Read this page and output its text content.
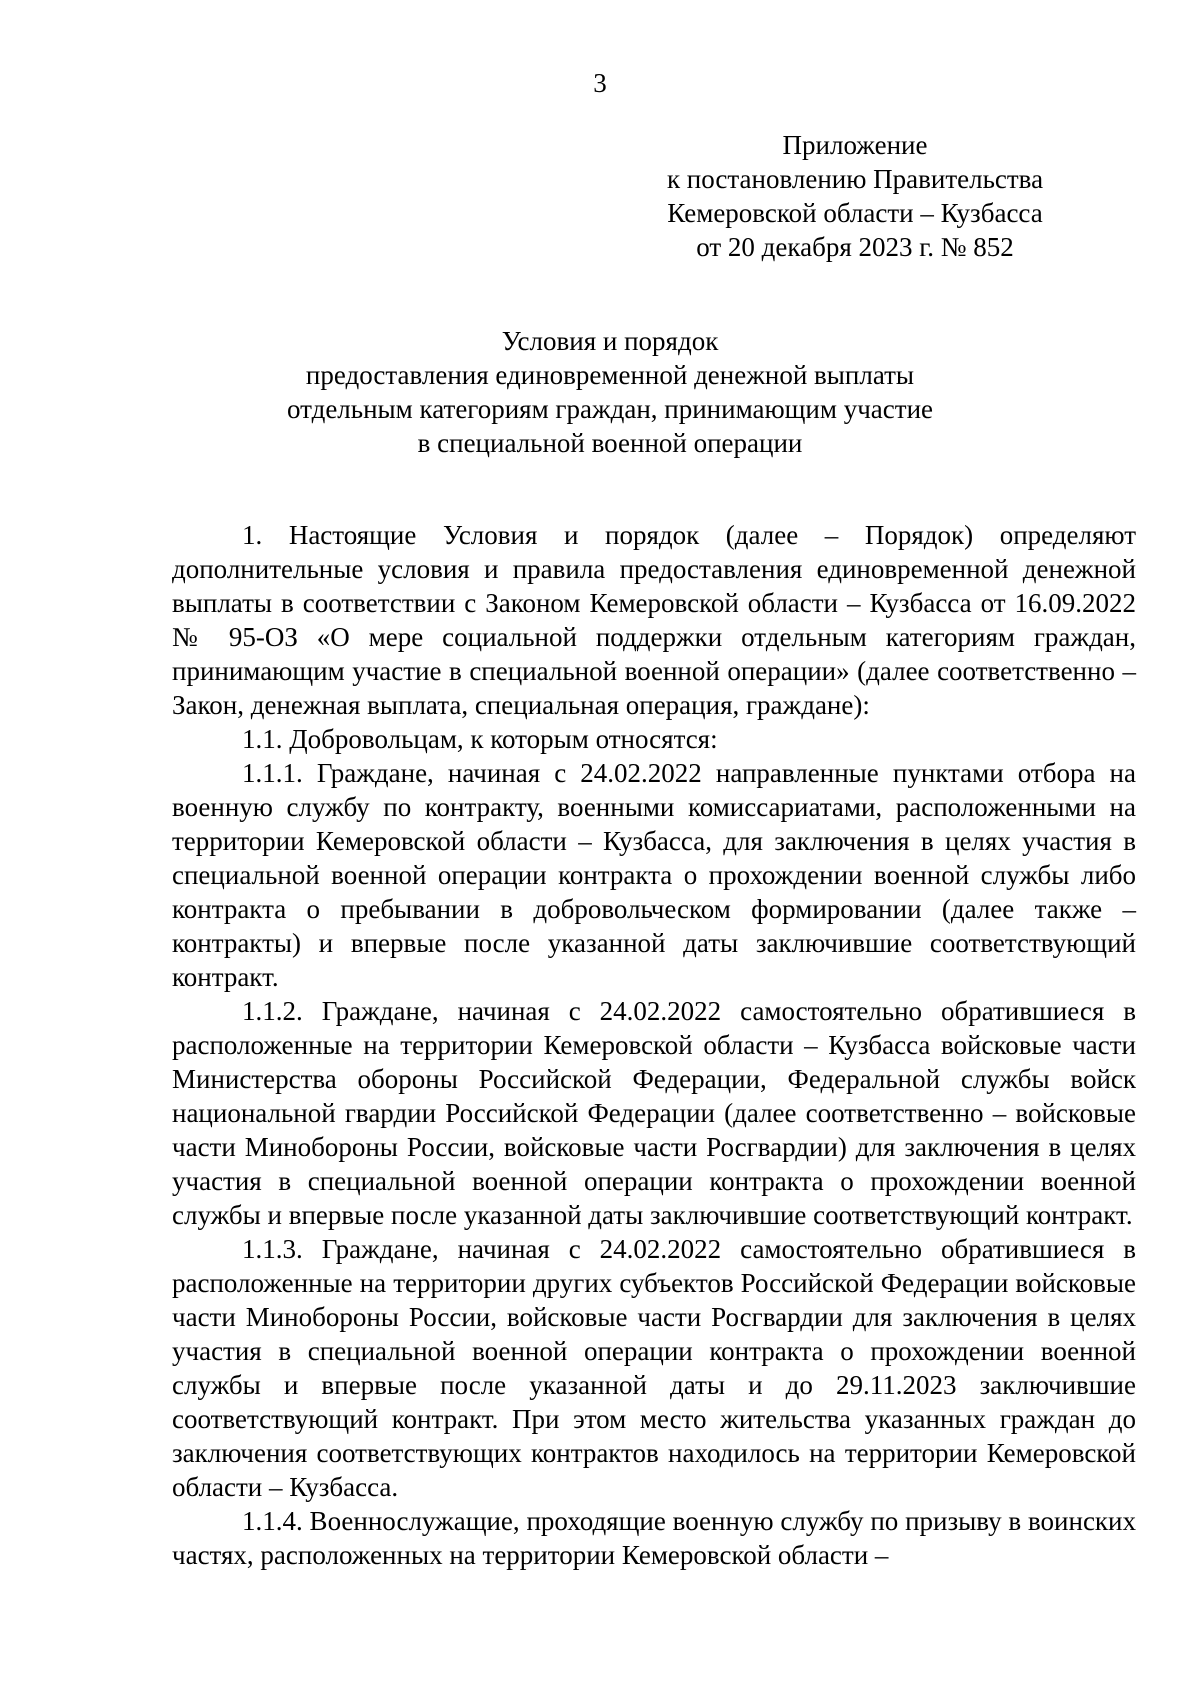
3
Приложение
к постановлению Правительства
Кемеровской области – Кузбасса
от 20 декабря 2023 г. № 852
Условия и порядок
предоставления единовременной денежной выплаты
отдельным категориям граждан, принимающим участие
в специальной военной операции

1. Настоящие Условия и порядок (далее – Порядок) определяют дополнительные условия и правила предоставления единовременной денежной выплаты в соответствии с Законом Кемеровской области – Кузбасса от 16.09.2022 № 95-ОЗ «О мере социальной поддержки отдельным категориям граждан, принимающим участие в специальной военной операции» (далее соответственно – Закон, денежная выплата, специальная операция, граждане):

1.1. Добровольцам, к которым относятся:

1.1.1. Граждане, начиная с 24.02.2022 направленные пунктами отбора на военную службу по контракту, военными комиссариатами, расположенными на территории Кемеровской области – Кузбасса, для заключения в целях участия в специальной военной операции контракта о прохождении военной службы либо контракта о пребывании в добровольческом формировании (далее также – контракты) и впервые после указанной даты заключившие соответствующий контракт.

1.1.2. Граждане, начиная с 24.02.2022 самостоятельно обратившиеся в расположенные на территории Кемеровской области – Кузбасса войсковые части Министерства обороны Российской Федерации, Федеральной службы войск национальной гвардии Российской Федерации (далее соответственно – войсковые части Минобороны России, войсковые части Росгвардии) для заключения в целях участия в специальной военной операции контракта о прохождении военной службы и впервые после указанной даты заключившие соответствующий контракт.

1.1.3. Граждане, начиная с 24.02.2022 самостоятельно обратившиеся в расположенные на территории других субъектов Российской Федерации войсковые части Минобороны России, войсковые части Росгвардии для заключения в целях участия в специальной военной операции контракта о прохождении военной службы и впервые после указанной даты и до 29.11.2023 заключившие соответствующий контракт. При этом место жительства указанных граждан до заключения соответствующих контрактов находилось на территории Кемеровской области – Кузбасса.

1.1.4. Военнослужащие, проходящие военную службу по призыву в воинских частях, расположенных на территории Кемеровской области –
